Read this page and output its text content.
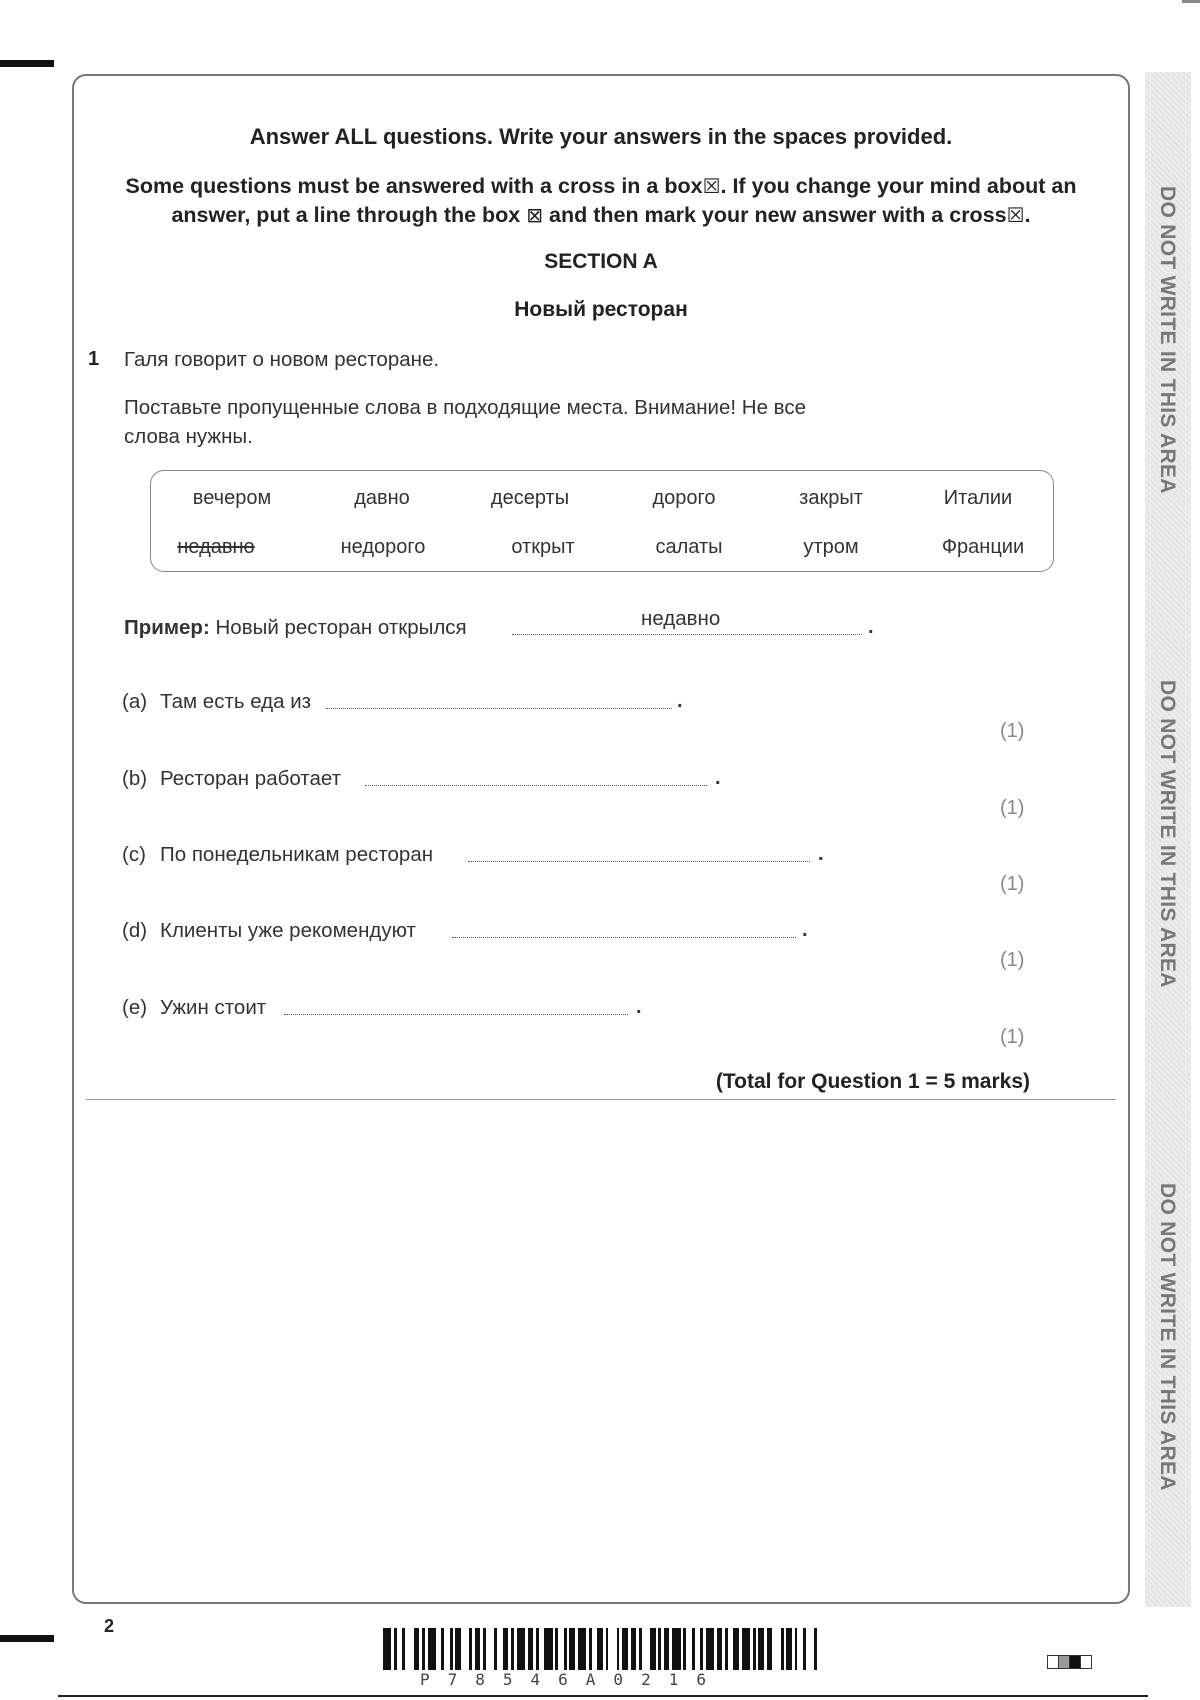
DO NOT WRITE IN THIS AREA
DO NOT WRITE IN THIS AREA
DO NOT WRITE IN THIS AREA
Answer ALL questions. Write your answers in the spaces provided.
Some questions must be answered with a cross in a box☒. If you change your mind about an
answer, put a line through the box ⊠ and then mark your new answer with a cross☒.
SECTION A
Новый ресторан
1 Галя говорит о новом ресторане.
Поставьте пропущенные слова в подходящие места. Внимание! Не все
слова нужны.
вечером	давно	десерты	дорого	закрыт	Италии
недавно	недорого	открыт	салаты	утром	Франции
Пример: Новый ресторан открылся	недавно	.
(a) Там есть еда из	.
(1)
(b) Ресторан работает	.
(1)
(c) По понедельникам ресторан	.
(1)
(d) Клиенты уже рекомендуют	.
(1)
(e) Ужин стоит	.
(1)
(Total for Question 1 = 5 marks)
2
P78546A0216
